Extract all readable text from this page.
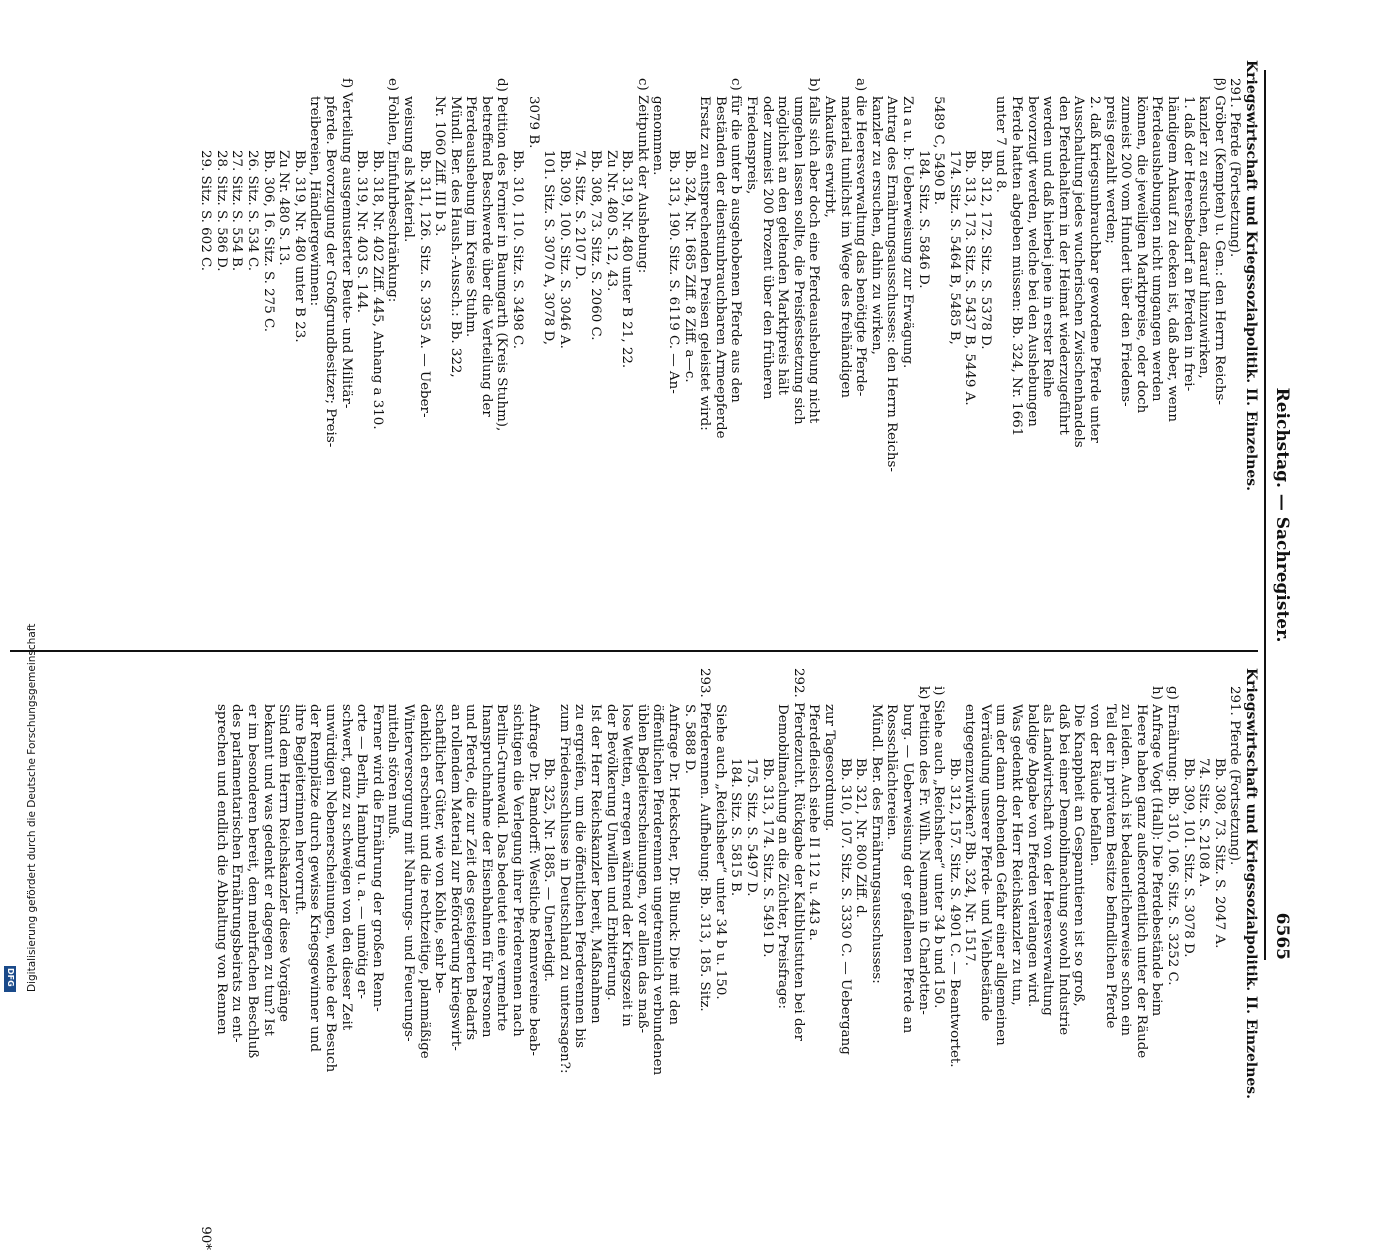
Reichstag. — Sachregister.
6565
Kriegswirtschaft und Kriegssozialpolitik. II. Einzelnes.
291. Pferde (Fortsetzung).
β) Gröber (Kempten) u. Gen.: den Herrn Reichs-
kanzler zu ersuchen, darauf hinzuwirken,
1. daß der Heeresbedarf an Pferden in frei-
händigem Ankauf zu decken ist, daß aber, wenn
Pferdeaushebungen nicht umgangen werden
können, die jeweiligen Marktpreise, oder doch
zumeist 200 vom Hundert über den Friedens-
preis gezahlt werden;
2. daß kriegsunbrauchbar gewordene Pferde unter
Ausschaltung jedes wucherischen Zwischenhandels
den Pferdehaltern in der Heimat wiederzugeführt
werden und daß hierbei jene in erster Reihe
bevorzugt werden, welche bei den Aushebungen
Pferde hatten abgeben müssen: Bb. 324, Nr. 1661
unter 7 und 8.
Bb. 312, 172. Sitz. S. 5378 D.
Bb. 313, 173. Sitz. S. 5437 B, 5449 A.
174. Sitz. S. 5464 B, 5485 B,
5489 C, 5490 B.
184. Sitz. S. 5846 D.
Zu a u. b: Ueberweisung zur Erwägung.
Antrag des Ernährungsausschusses: den Herrn Reichs-
kanzler zu ersuchen, dahin zu wirken,
a) die Heeresverwaltung das benötigte Pferde-
material tunlichst im Wege des freihändigen
Ankaufes erwirbt,
b) falls sich aber doch eine Pferdeaushebung nicht
umgehen lassen sollte, die Preisfestsetzung sich
möglichst an den geltenden Marktpreis hält
oder zumeist 200 Prozent über den früheren
Friedenspreis,
c) für die unter b ausgehobenen Pferde aus den
Beständen der dienstunbrauchbaren Armeepferde
Ersatz zu entsprechenden Preisen geleistet wird:
Bb. 324, Nr. 1685 Ziff. 8 Ziff. a—c.
Bb. 313, 190. Sitz. S. 6119 C. — An-
genommen.
c) Zeitpunkt der Aushebung:
Bb. 319, Nr. 480 unter B 21, 22.
Zu Nr. 480 S. 12, 43.
Bb. 308, 73. Sitz. S. 2060 C.
74. Sitz. S. 2107 D.
Bb. 309, 100. Sitz. S. 3046 A.
101. Sitz. S. 3070 A, 3078 D,
3079 B.
Bb. 310, 110. Sitz. S. 3498 C.
d) Petition des Fornier in Baumgarth (Kreis Stuhm),
betreffend Beschwerde über die Verteilung der
Pferdeaushebung im Kreise Stuhm.
Mündl. Ber. des Haush.-Aussch.: Bb. 322,
Nr. 1060 Ziff. III b 3.
Bb. 311, 126. Sitz. S. 3935 A. — Ueber-
weisung als Material.
e) Fohlen, Einfuhrbeschränkung:
Bb. 318, Nr. 402 Ziff. 445, Anhang a 310.
Bb. 319, Nr. 403 S. 144.
f) Verteilung ausgemusterter Beute- und Militär-
pferde. Bevorzugung der Großgrundbesitzer; Preis-
treibereien, Händlergewinnen:
Bb. 319, Nr. 480 unter B 23.
Zu Nr. 480 S. 13.
Bb. 306, 16. Sitz. S. 275 C.
26. Sitz. S. 534 C.
27. Sitz. S. 554 B.
28. Sitz. S. 586 D.
29. Sitz. S. 602 C.
Kriegswirtschaft und Kriegssozialpolitik. II. Einzelnes.
291. Pferde (Fortsetzung).
Bb. 308, 73. Sitz. S. 2047 A.
74. Sitz. S. 2108 A.
Bb. 309, 101. Sitz. S. 3078 D.
g) Ernährung: Bb. 310, 106. Sitz. S. 3252 C.
h) Anfrage Vogt (Hall): Die Pferdebestände beim
Heere haben ganz außerordentlich unter der Räude
zu leiden. Auch ist bedauerlicherweise schon ein
Teil der in privatem Besitze befindlichen Pferde
von der Räude befallen.
Die Knappheit an Gespanntieren ist so groß,
daß bei einer Demobilmachung sowohl Industrie
als Landwirtschaft von der Heeresverwaltung
baldige Abgabe von Pferden verlangen wird.
Was gedenkt der Herr Reichskanzler zu tun,
um der dann drohenden Gefahr einer allgemeinen
Verräudung unserer Pferde- und Viehbestände
entgegenzuwirken? Bb. 324, Nr. 1517.
Bb. 312, 157. Sitz. S. 4901 C. — Beantwortet.
i) Siehe auch „Reichsheer“ unter 34 b und 150.
k) Petition des Fr. Wilh. Neumann in Charlotten-
burg. — Ueberweisung der gefallenen Pferde an
Rossschlächtereien.
Mündl. Ber. des Ernährungsausschusses:
Bb. 321, Nr. 800 Ziff. d.
Bb. 310, 107. Sitz. S. 3330 C. — Uebergang
zur Tagesordnung.
Pferdefleisch siehe II 112 u. 443 a.
292. Pferdezucht. Rückgabe der Kaltblutstuten bei der
Demobilmachung an die Züchter, Preisfrage:
Bb. 313, 174. Sitz. S. 5491 D.
175. Sitz. S. 5497 D.
184. Sitz. S. 5815 B.
Siehe auch „Reichsheer“ unter 34 b u. 150.
293. Pferderennen. Aufhebung: Bb. 313, 185. Sitz.
S. 5888 D.
Anfrage Dr. Heckscher, Dr. Blunck: Die mit den
öffentlichen Pferderennen ungetrennlich verbundenen
üblen Begleiterscheinungen, vor allem das maß-
lose Wetten, erregen während der Kriegszeit in
der Bevölkerung Unwillen und Erbitterung.
Ist der Herr Reichskanzler bereit, Maßnahmen
zu ergreifen, um die öffentlichen Pferderennen bis
zum Friedensschlusse in Deutschland zu untersagen?:
Bb. 325, Nr. 1885. — Unerledigt.
Anfrage Dr. Bamdorff: Westliche Rennvereine beab-
sichtigen die Verlegung ihrer Pferderennen nach
Berlin-Grunewald. Das bedeutet eine vermehrte
Inanspruchnahme der Eisenbahnen für Personen
und Pferde, die zur Zeit des gesteigerten Bedarfs
an rollendem Material zur Beförderung kriegswirt-
schaftlicher Güter, wie von Kohle, sehr be-
denklich erscheint und die rechtzeitige, planmäßige
Winterversorgung mit Nahrungs- und Feuerungs-
mitteln stören muß.
Ferner wird die Ernährung der großen Renn-
orte — Berlin, Hamburg u. a. — unnötig er-
schwert, ganz zu schweigen von den dieser Zeit
unwürdigen Nebenerscheinungen, welche der Besuch
der Rennplätze durch gewisse Kriegsgewinner und
ihre Begleiterinnen hervorruft.
Sind dem Herrn Reichskanzler diese Vorgänge
bekannt und was gedenkt er dagegen zu tun? Ist
er im besonderen bereit, dem mehrfachen Beschluß
des parlamentarischen Ernährungsbeirats zu ent-
sprechen und endlich die Abhaltung von Rennen
90*
Digitalisierung gefördert durch die Deutsche Forschungsgemeinschaft
DFG
